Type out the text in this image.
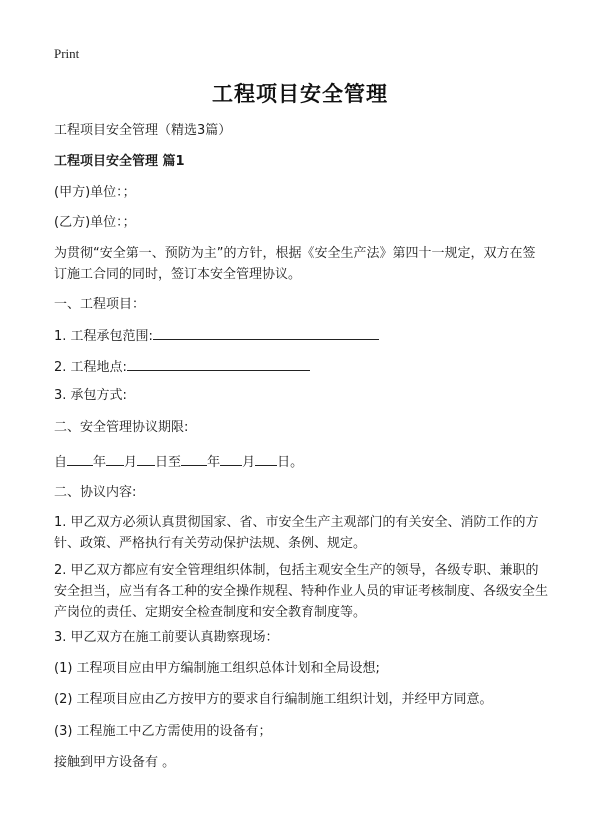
Print
工程项目安全管理

工程项目安全管理（精选3篇）

工程项目安全管理 篇1

(甲方)单位：；

(乙方)单位：；

为贯彻“安全第一、预防为主”的方针，根据《安全生产法》第四十一规定，双方在签订施工合同的同时，签订本安全管理协议。

一、工程项目：

1. 工程承包范围:

2. 工程地点:

3. 承包方式:

二、安全管理协议期限:

自 年 月 日至 年 月 日。

二、协议内容:

1. 甲乙双方必须认真贯彻国家、省、市安全生产主观部门的有关安全、消防工作的方针、政策、严格执行有关劳动保护法规、条例、规定。

2. 甲乙双方都应有安全管理组织体制，包括主观安全生产的领导，各级专职、兼职的安全担当，应当有各工种的安全操作规程、特种作业人员的审证考核制度、各级安全生产岗位的责任、定期安全检查制度和安全教育制度等。

3. 甲乙双方在施工前要认真勘察现场：

(1) 工程项目应由甲方编制施工组织总体计划和全局设想;

(2) 工程项目应由乙方按甲方的要求自行编制施工组织计划，并经甲方同意。

(3) 工程施工中乙方需使用的设备有；

接触到甲方设备有 。
